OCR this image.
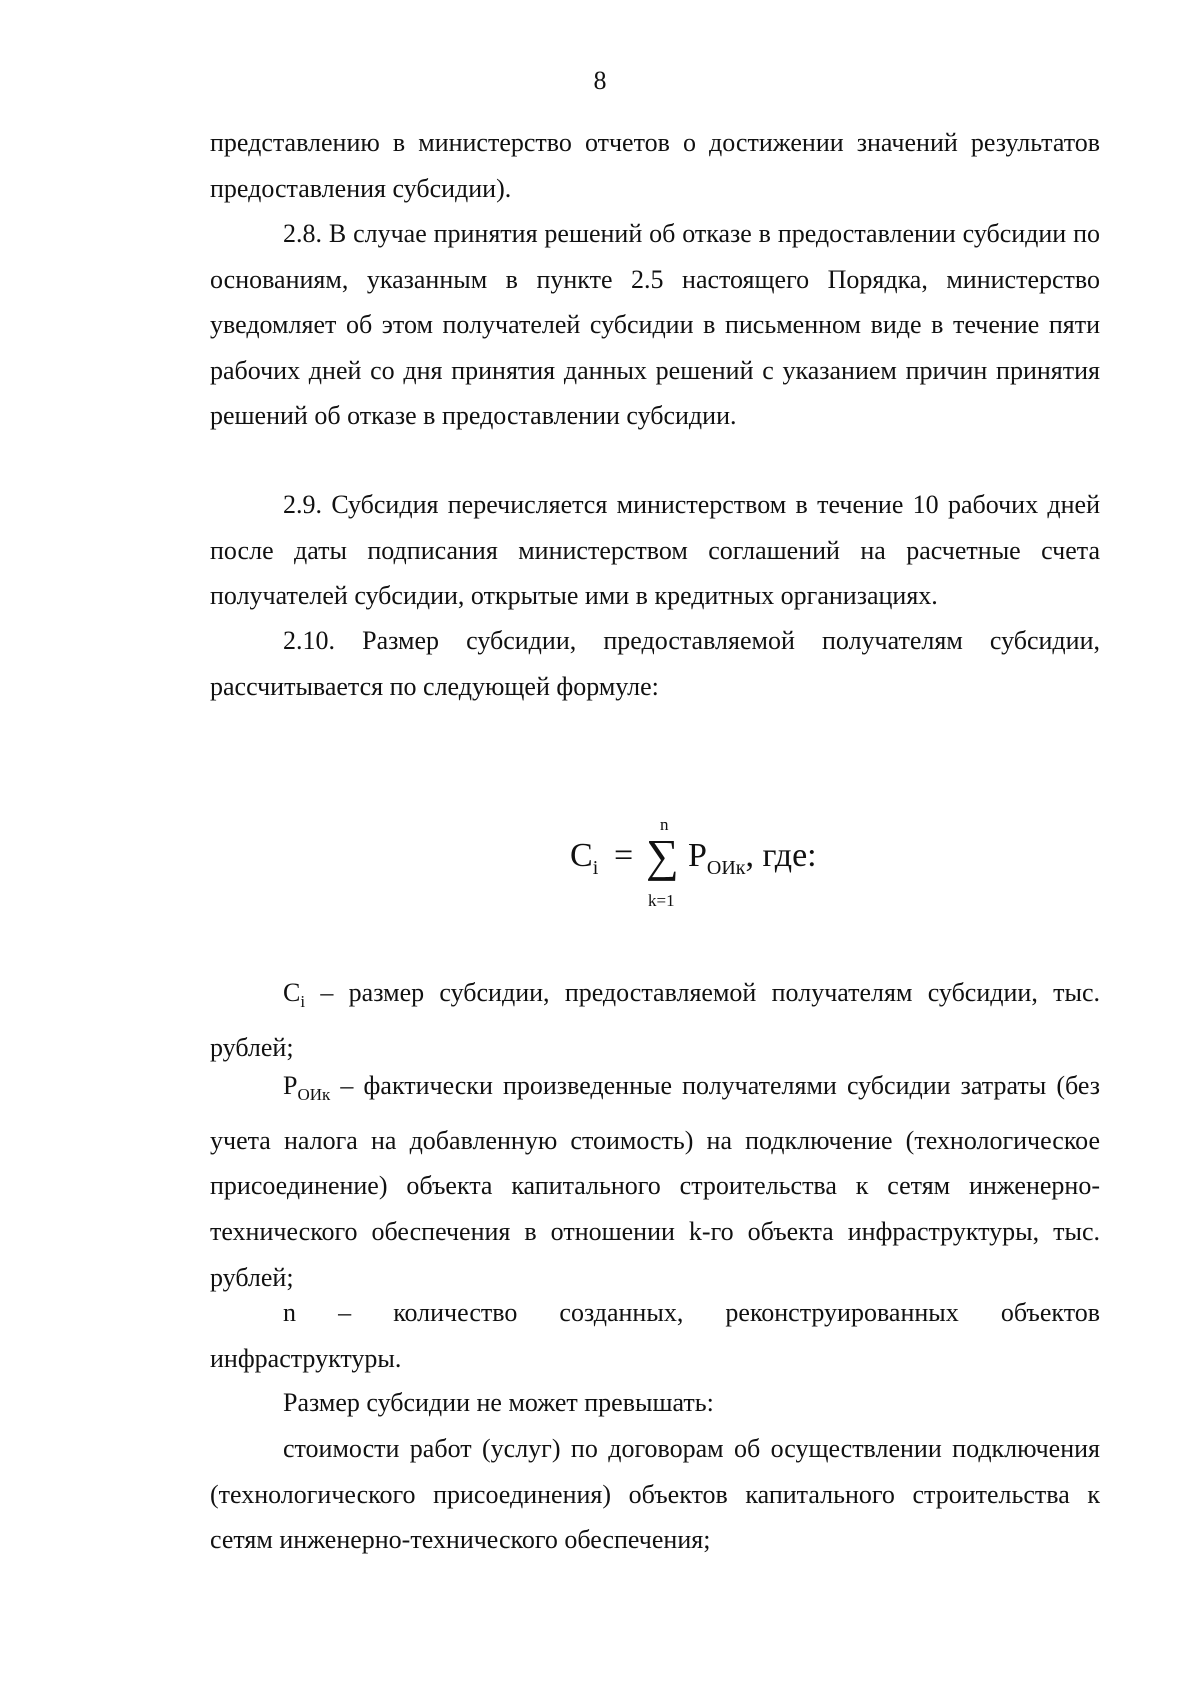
8

представлению в министерство отчетов о достижении значений результатов предоставления субсидии).

2.8. В случае принятия решений об отказе в предоставлении субсидии по основаниям, указанным в пункте 2.5 настоящего Порядка, министерство уведомляет об этом получателей субсидии в письменном виде в течение пяти рабочих дней со дня принятия данных решений с указанием причин принятия решений об отказе в предоставлении субсидии.

2.9. Субсидия перечисляется министерством в течение 10 рабочих дней после даты подписания министерством соглашений на расчетные счета получателей субсидии, открытые ими в кредитных организациях.

2.10. Размер субсидии, предоставляемой получателям субсидии, рассчитывается по следующей формуле:

$C_i$ =
n
∑
k=1
$P_{ОИк}$, где:

$C_i$ – размер субсидии, предоставляемой получателям субсидии, тыс. рублей;

$P_{ОИк}$ – фактически произведенные получателями субсидии затраты (без учета налога на добавленную стоимость) на подключение (технологическое присоединение) объекта капитального строительства к сетям инженерно-технического обеспечения в отношении k-го объекта инфраструктуры, тыс. рублей;

n – количество созданных, реконструированных объектов инфраструктуры.

Размер субсидии не может превышать:

стоимости работ (услуг) по договорам об осуществлении подключения (технологического присоединения) объектов капитального строительства к сетям инженерно-технического обеспечения;
